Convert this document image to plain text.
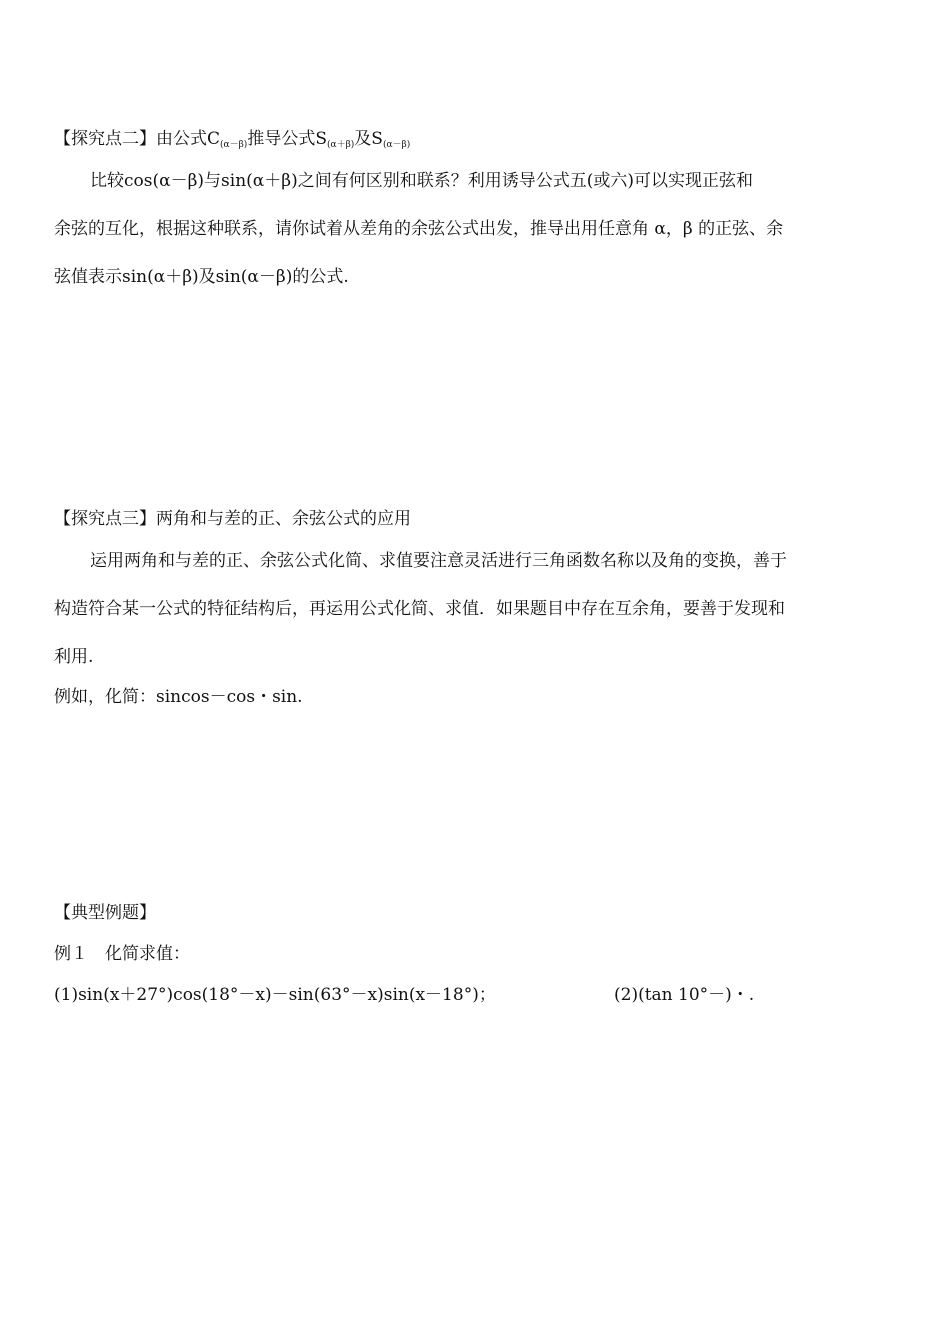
【探究点二】由公式C(α－β)推导公式S(α＋β)及S(α－β)
比较cos(α－β)与sin(α＋β)之间有何区别和联系？利用诱导公式五(或六)可以实现正弦和
余弦的互化，根据这种联系，请你试着从差角的余弦公式出发，推导出用任意角 α，β 的正弦、余
弦值表示sin(α＋β)及sin(α－β)的公式.
【探究点三】两角和与差的正、余弦公式的应用
运用两角和与差的正、余弦公式化简、求值要注意灵活进行三角函数名称以及角的变换，善于
构造符合某一公式的特征结构后，再运用公式化简、求值．如果题目中存在互余角，要善于发现和
利用.
例如，化简：sincos－cos・sin.
【典型例题】
例１　化简求值：
(1)sin(x＋27°)cos(18°－x)－sin(63°－x)sin(x－18°)；	(2)(tan 10°－)・.
